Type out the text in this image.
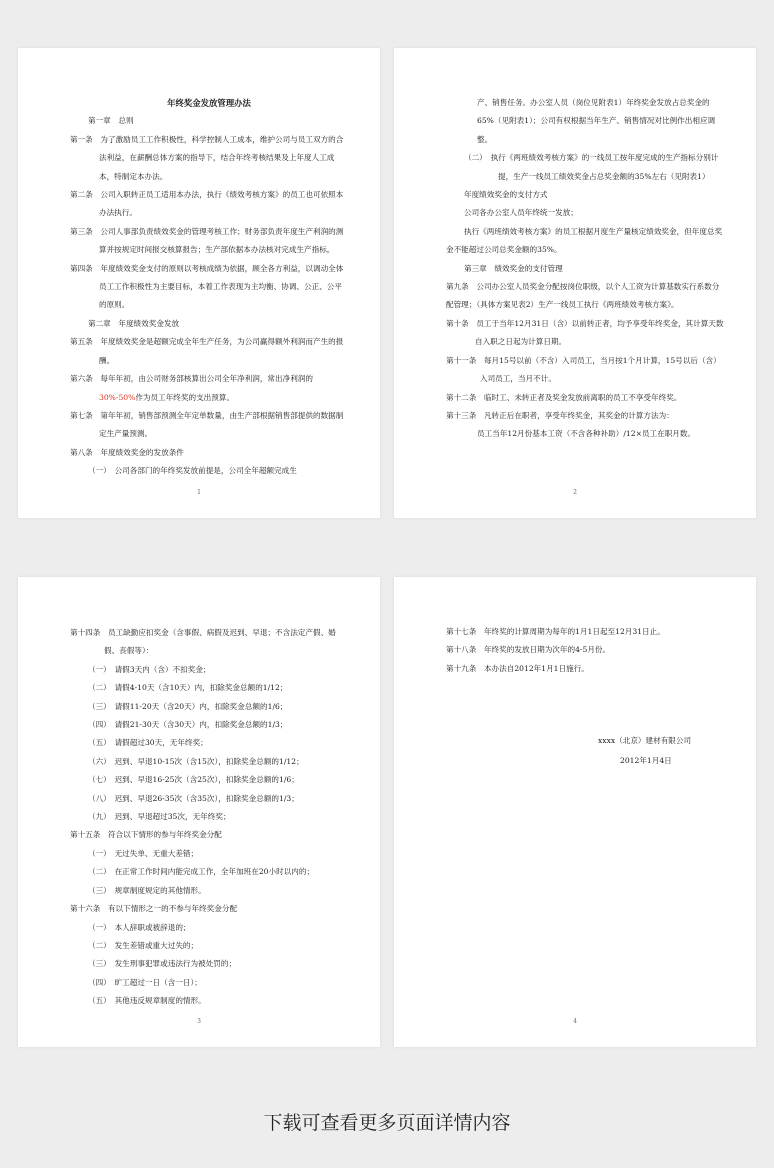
年终奖金发放管理办法
第一章　总则
第一条　为了激励员工工作积极性，科学控制人工成本，维护公司与员工双方的合法利益，在薪酬总体方案的指导下，结合年终考核结果及上年度人工成本，特制定本办法。
第二条　公司入职转正员工适用本办法，执行《绩效考核方案》的员工也可依照本办法执行。
第三条　公司人事部负责绩效奖金的管理考核工作；财务部负责年度生产利润的测算并按规定时间报交核算报告；生产部依据本办法核对完成生产指标。
第四条　年度绩效奖金支付的原则以考核成绩为依据，顾全各方利益，以调动全体员工工作积极性为主要目标，本着工作表现为主均衡、协调、公正、公平的原则。
第二章　年度绩效奖金发放
第五条　年度绩效奖金是超额完成全年生产任务，为公司赢得额外利润而产生的报酬。
第六条　每年年初，由公司财务部核算出公司全年净利润，常出净利润的30%-50%作为员工年终奖的支出预算。
第七条　第年年初，销售部预测全年定单数量，由生产部根据销售部提供的数据制定生产量预测。
第八条　年度绩效奖金的发放条件
（一）　公司各部门的年终奖发放前提是，公司全年超额完成生
1
产、销售任务。办公室人员（岗位见附表1）年终奖金发放占总奖金的65%（见附表1）；公司有权根据当年生产、销售情况对比例作出相应调整。
（二）　执行《两班绩效考核方案》的一线员工按年度完成的生产指标分别计提，生产一线员工绩效奖金占总奖金额的35%左右（见附表1）
年度绩效奖金的支付方式
公司各办公室人员年终统一发放；
执行《两班绩效考核方案》的员工根据月度生产量核定绩效奖金，但年度总奖金不能超过公司总奖金额的35%。
第三章　绩效奖金的支付管理
第九条　公司办公室人员奖金分配按岗位职级，以个人工资为计算基数实行系数分配管理；（具体方案见表2）生产一线员工执行《两班绩效考核方案》。
第十条　员工于当年12月31日（含）以前转正者，均予享受年终奖金，其计算天数自入职之日起为计算日期。
第十一条　每月15号以前（不含）入司员工，当月按1个月计算，15号以后（含）入司员工，当月不计。
第十二条　临时工、未转正者及奖金发放前离职的员工不享受年终奖。
第十三条　凡转正后在职者，享受年终奖金，其奖金的计算方法为：
员工当年12月份基本工资（不含各种补助）/12×员工在职月数。
2
第十四条　员工缺勤应扣奖金（含事假、病假及迟到、早退；不含法定产假、婚假、丧假等）：
（一）　请假3天内（含）不扣奖金；
（二）　请假4-10天（含10天）内，扣除奖金总额的1/12；
（三）　请假11-20天（含20天）内，扣除奖金总额的1/6；
（四）　请假21-30天（含30天）内，扣除奖金总额的1/3；
（五）　请假超过30天，无年终奖；
（六）　迟到、早退10-15次（含15次），扣除奖金总额的1/12；
（七）　迟到、早退16-25次（含25次），扣除奖金总额的1/6；
（八）　迟到、早退26-35次（含35次），扣除奖金总额的1/3；
（九）　迟到、早退超过35次，无年终奖；
第十五条　符合以下情形的参与年终奖金分配
（一）　无过失单、无重大差错；
（二）　在正常工作时间内能完成工作，全年加班在20小时以内的；
（三）　规章制度规定的其他情形。
第十六条　有以下情形之一的不参与年终奖金分配
（一）　本人辞职或被辞退的；
（二）　发生差错或重大过失的；
（三）　发生刑事犯罪或违法行为被处罚的；
（四）　旷工超过一日（含一日）；
（五）　其他违反规章制度的情形。
3
第十七条　年终奖的计算周期为每年的1月1日起至12月31日止。
第十八条　年终奖的发放日期为次年的4-5月份。
第十九条　本办法自2012年1月1日施行。
xxxx（北京）建材有限公司
2012年1月4日
4
下载可查看更多页面详情内容
